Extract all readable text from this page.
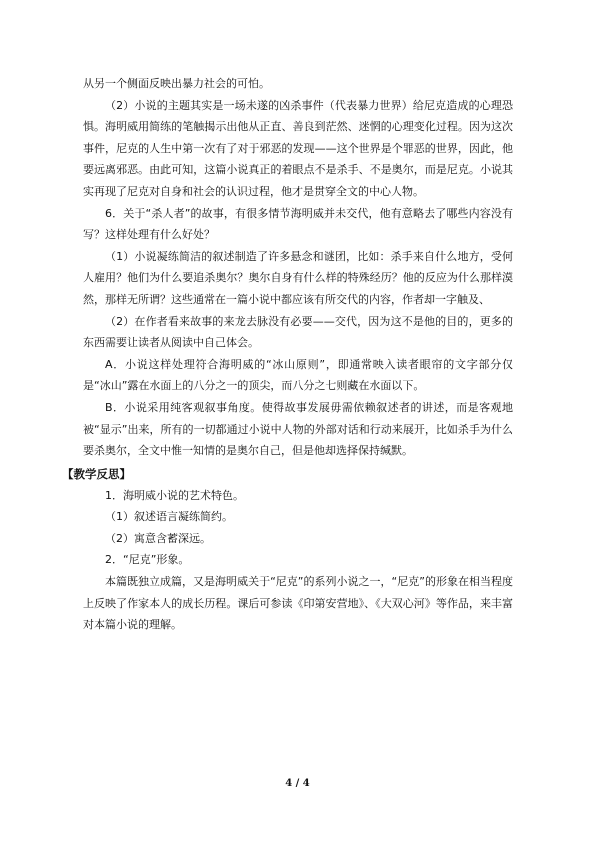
从另一个侧面反映出暴力社会的可怕。

（2）小说的主题其实是一场未遂的凶杀事件（代表暴力世界）给尼克造成的心理恐惧。海明威用简练的笔触揭示出他从正直、善良到茫然、迷惘的心理变化过程。因为这次事件，尼克的人生中第一次有了对于邪恶的发现——这个世界是个罪恶的世界，因此，他要远离邪恶。由此可知，这篇小说真正的着眼点不是杀手、不是奥尔，而是尼克。小说其实再现了尼克对自身和社会的认识过程，他才是贯穿全文的中心人物。

6．关于“杀人者”的故事，有很多情节海明威并未交代，他有意略去了哪些内容没有写？这样处理有什么好处？

（1）小说凝练简洁的叙述制造了许多悬念和谜团，比如：杀手来自什么地方，受何人雇用？他们为什么要追杀奥尔？奥尔自身有什么样的特殊经历？他的反应为什么那样漠然，那样无所谓？这些通常在一篇小说中都应该有所交代的内容，作者却一字触及、

（2）在作者看来故事的来龙去脉没有必要——交代，因为这不是他的目的，更多的东西需要让读者从阅读中自己体会。

A．小说这样处理符合海明威的“冰山原则”，即通常映入读者眼帘的文字部分仅是“冰山”露在水面上的八分之一的顶尖，而八分之七则藏在水面以下。

B．小说采用纯客观叙事角度。使得故事发展毋需依赖叙述者的讲述，而是客观地被“显示”出来，所有的一切都通过小说中人物的外部对话和行动来展开，比如杀手为什么要杀奥尔，全文中惟一知情的是奥尔自己，但是他却选择保持缄默。

【教学反思】

1．海明威小说的艺术特色。

（1）叙述语言凝练简约。

（2）寓意含蓄深远。

2．“尼克”形象。

本篇既独立成篇，又是海明威关于“尼克”的系列小说之一，“尼克”的形象在相当程度上反映了作家本人的成长历程。课后可参读《印第安营地》、《大双心河》等作品，来丰富对本篇小说的理解。

4 / 4
